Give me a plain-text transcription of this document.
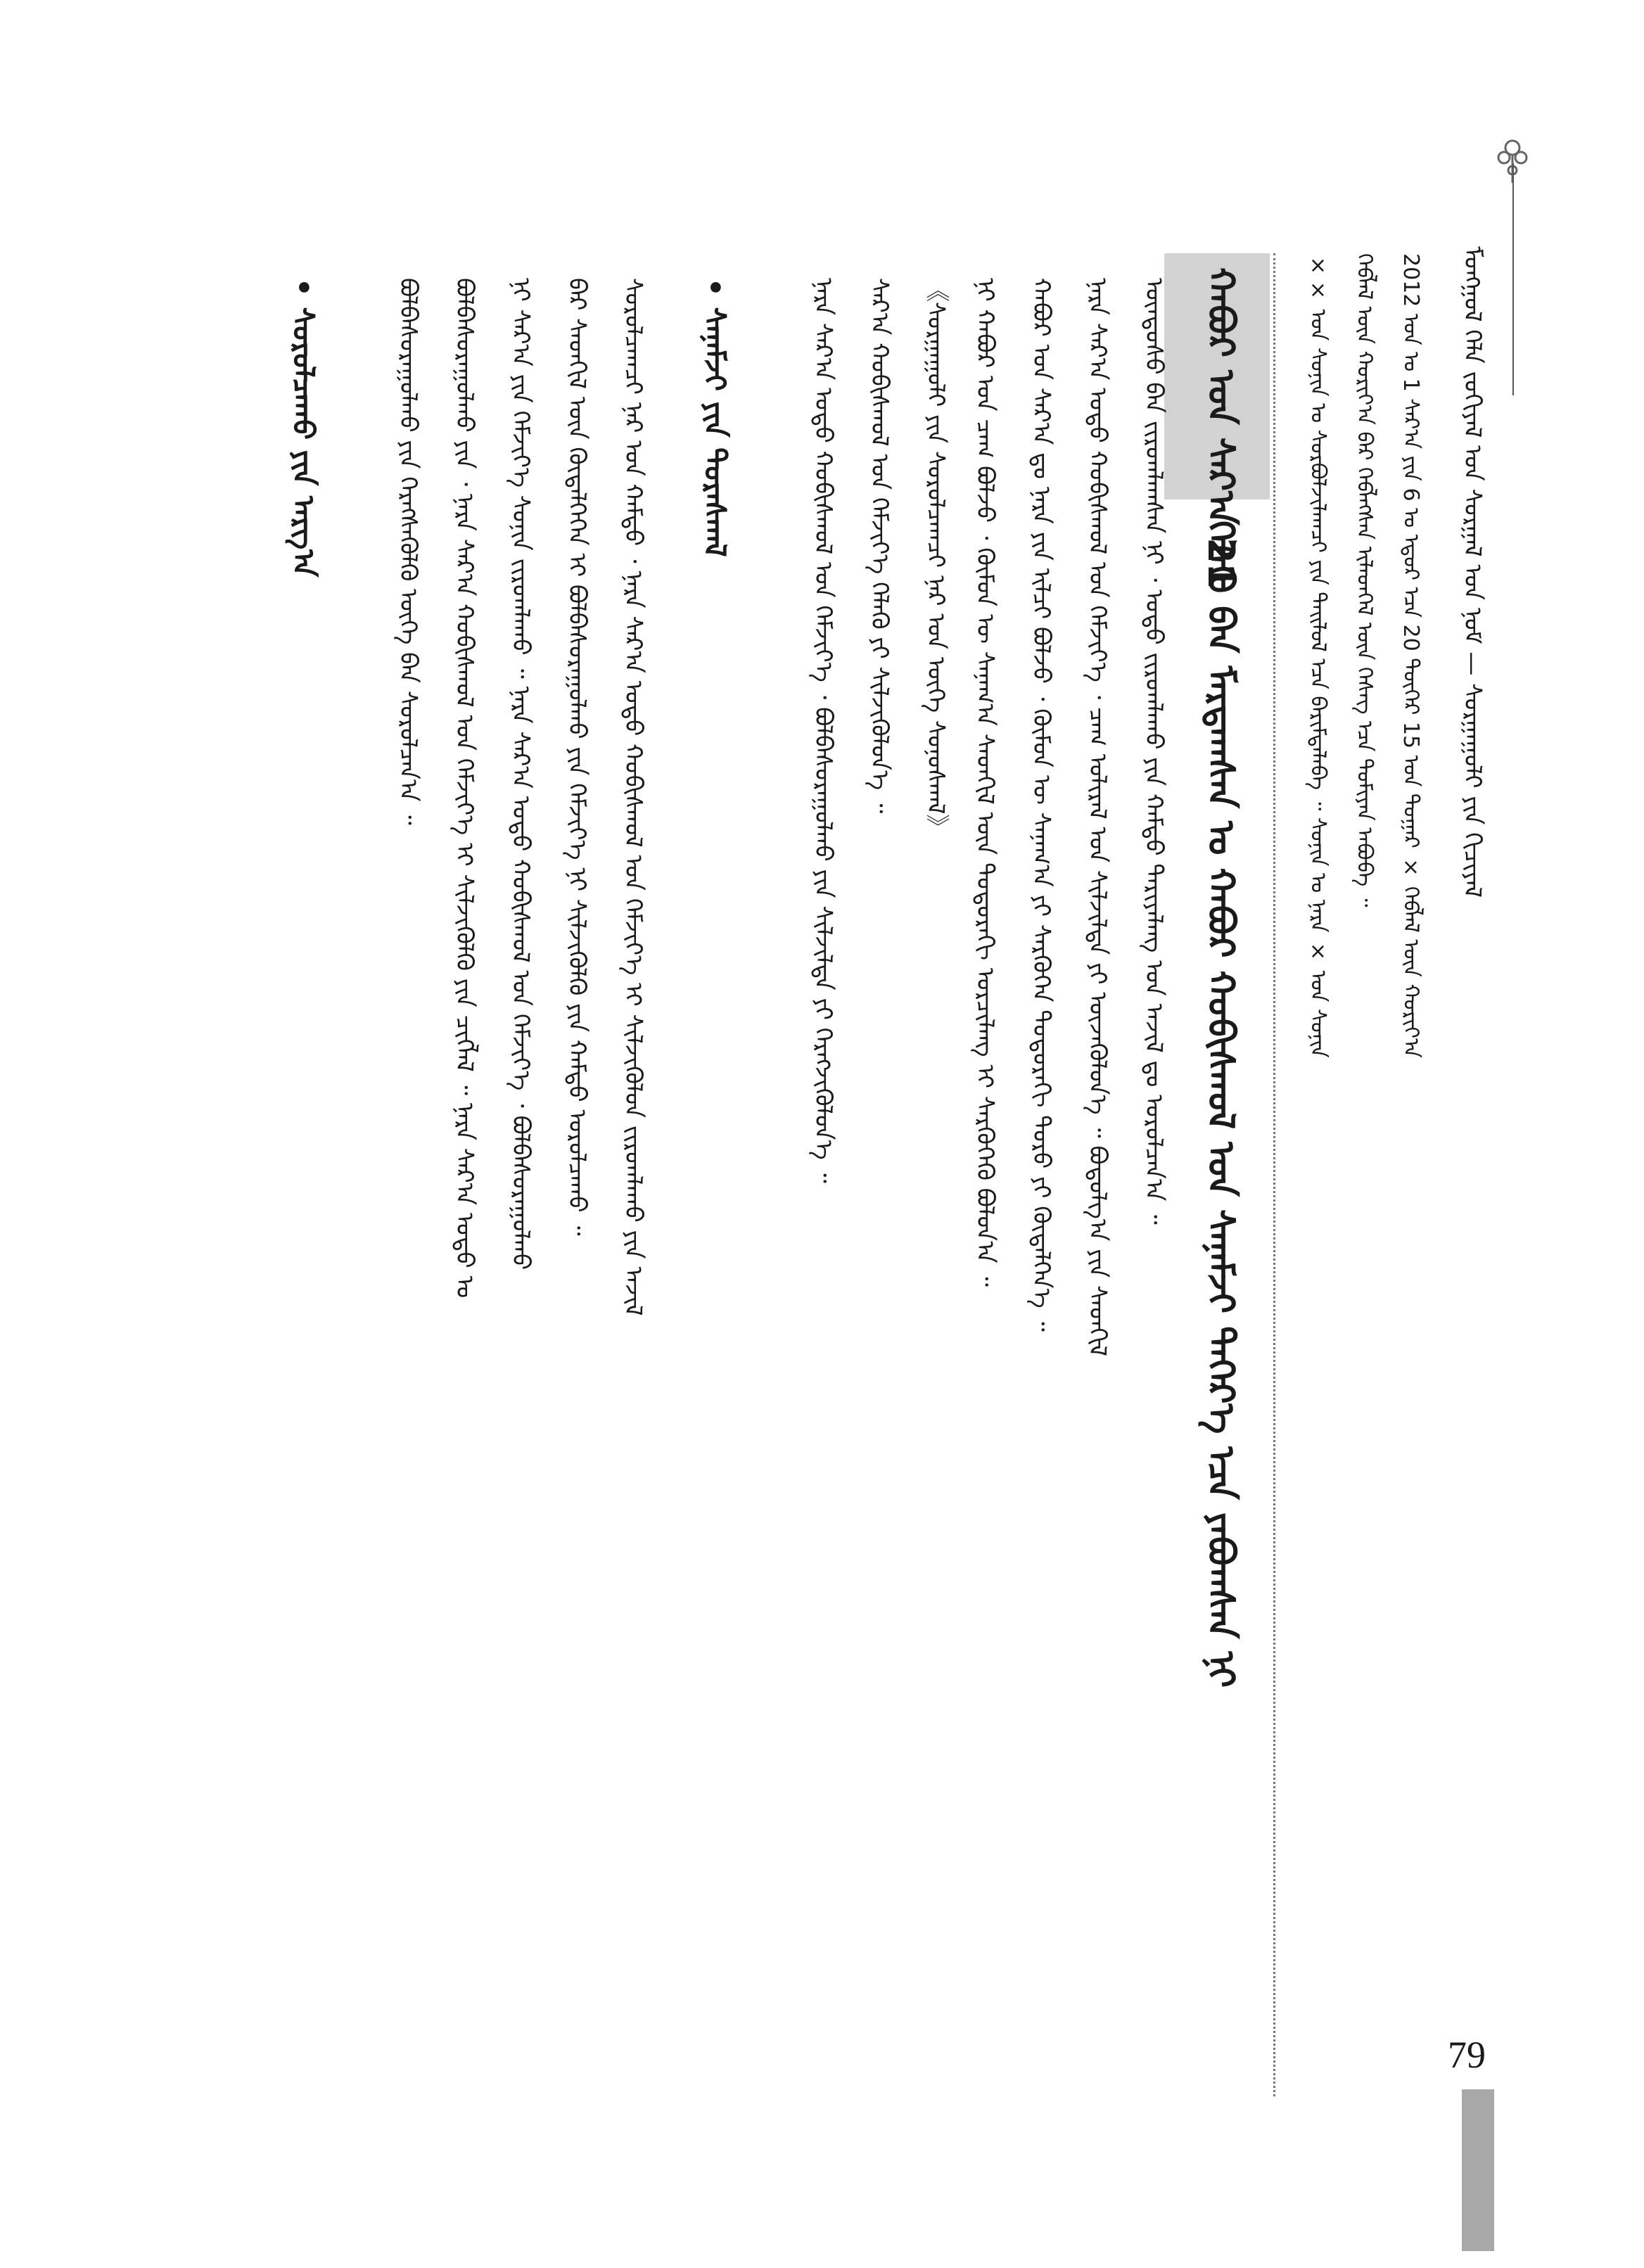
ᠮᠣᠩᠭᠣᠯ ᠬᠡᠯᠡ ᠵᠣᠬᠢᠶᠠᠯ ᠤᠨ ᠰᠤᠷᠭᠠᠯ ᠤᠨ ᠨᠤᠮ — ᠰᠤᠷᠭᠠᠭᠤᠯᠢ ᠶᠢᠨ ᠬᠢᠴᠢᠶᠡᠯ
79
×× ᠤᠨ ᠰᠣᠨᠢᠨ ᠤ ᠰᠤᠷᠪᠤᠯᠵᠢᠯᠠᠭᠴᠢ ᠶᠢᠨ ᠲᠠᠢᠯᠤᠯ ᠡᠴᠡ ᠪᠠᠷᠢᠮᠲᠠᠯᠠᠪᠠ ᠃ ᠰᠣᠨᠢᠨ ᠤ ᠨᠡᠷᠡ × ᠤᠨ ᠰᠣᠨᠢᠨ	ᠬᠡᠪᠯᠡᠯ ᠦᠨ ᠬᠣᠷᠢᠶ᠎ᠠ ᠪᠠᠷ ᠬᠡᠪᠯᠡᠭᠰᠡᠨ ᠢᠯᠡᠳᠬᠡᠯ ᠦᠨ ᠬᠡᠰᠡᠭ ᠡᠴᠡ ᠲᠣᠮᠢᠶᠠᠨ ᠠᠪᠤᠪᠠ ᠃	2012 ᠣᠨ ᠤ 1 ᠰᠠᠷ᠎ᠠ ᠶᠢᠨ 6 ᠤ ᠡᠳᠦᠷ ᠡᠴᠡ 20 ᠳᠦᠭᠡᠷ 15 ᠤᠨ ᠳᠤᠭᠠᠷ × ᠬᠡᠪᠯᠡᠯ ᠦᠨ ᠬᠣᠷᠢᠶ᠎ᠠ
ᠬᠠᠪᠤᠷ ᠤᠨ ᠰᠠᠷ᠎ᠠ 21
ᠬᠡᠯᠡᠬᠦ ᠪᠡᠨ ᠮᠠᠷᠲᠠᠭᠰᠠᠨ ᠤ ᠬᠠᠪᠤᠷ ᠬᠤᠪᠢᠰᠬᠤᠯ ᠤᠨ ᠰᠠᠨᠠᠮᠵᠢ ᠳᠡᠭᠡᠷ᠎ᠡ ᠡᠴᠡ ᠶᠠᠪᠤᠭᠰᠠᠨ ᠨᠢ
ᠨᠢ ᠬᠠᠪᠤᠷ ᠤᠨ ᠴᠠᠭ ᠪᠣᠯᠵᠤ ᠂ ᠬᠦᠮᠦᠨ ᠦ ᠰᠠᠨᠠᠭ᠎ᠠ ᠰᠡᠳᠬᠢᠯ ᠦᠨ ᠳᠣᠲᠣᠷᠠᠬᠢ ᠣᠷᠴᠢᠯᠠᠩ ᠢ ᠰᠡᠷᠭᠦᠭᠡᠬᠦ ᠪᠣᠯᠤᠨ᠎ᠠ ᠃	ᠬᠠᠪᠤᠷ ᠤᠨ ᠰᠠᠷ᠎ᠠ ᠳᠤ ᠨᠠᠷᠠ ᠶᠢᠨ ᠢᠯᠴᠢ ᠪᠣᠯᠵᠤ ᠂ ᠬᠦᠮᠦᠨ ᠦ ᠰᠠᠨᠠᠭ᠎ᠠ ᠶᠢ ᠰᠡᠷᠭᠦᠭᠡᠨ ᠳᠣᠲᠣᠷᠠᠬᠢ ᠳᠣᠷᠤ ᠶᠢ ᠬᠥᠳᠡᠯᠭᠡᠨ᠎ᠡ ᠃	ᠨᠠᠷᠠ ᠰᠠᠷ᠎ᠠ ᠣᠳᠣ ᠬᠤᠪᠢᠰᠬᠤᠯ ᠤᠨ ᠬᠡᠮᠵᠢᠶ᠎ᠡ ᠂ ᠴᠠᠭ ᠤᠯᠢᠷᠠᠯ ᠤᠨ ᠰᠢᠯᠵᠢᠯᠲᠡ ᠶᠢ ᠦᠵᠡᠭᠦᠯᠦᠨ᠎ᠡ ᠃ ᠪᠣᠳᠤᠯᠭ᠎ᠠ ᠶᠢᠨ ᠰᠡᠳᠬᠢᠯ	ᠦᠨᠳᠦᠰᠦ ᠪᠡᠨ ᠵᠢᠷᠤᠭᠯᠠᠭᠰᠠᠨ ᠨᠢ ᠂ ᠣᠳᠣ ᠵᠢᠷᠤᠭᠯᠠᠬᠤ ᠶᠢᠨ ᠬᠠᠮᠲᠤ ᠲᠠᠷᠢᠶᠠᠯᠠᠩ ᠤᠨ ᠠᠵᠢᠯ ᠳᠤ ᠣᠷᠣᠯᠴᠠᠨ᠎ᠠ ᠃
ᠨᠠᠷᠠ ᠰᠠᠷ᠎ᠠ ᠣᠳᠣ ᠬᠤᠪᠢᠰᠬᠤᠯ ᠤᠨ ᠬᠡᠮᠵᠢᠶ᠎ᠡ ᠂ ᠪᠣᠯᠪᠠᠰᠤᠷᠠᠭᠤᠯᠬᠤ ᠶᠢᠨ ᠰᠢᠯᠵᠢᠯᠲᠡ ᠶᠢ ᠬᠡᠷᠡᠭᠵᠢᠭᠦᠯᠦᠨ᠎ᠡ ᠃	ᠰᠠᠷ᠎ᠠ ᠬᠤᠪᠢᠰᠬᠤᠯ ᠤᠨ ᠬᠡᠮᠵᠢᠶ᠎ᠡ ᠬᠡᠯᠡᠬᠦ ᠶᠢ ᠰᠢᠯᠵᠢᠭᠦᠯᠦᠨ᠎ᠡ ᠃	《ᠰᠤᠷᠭᠠᠭᠤᠯᠢ ᠶᠢᠨ ᠰᠤᠷᠤᠯᠴᠠᠭᠴᠢ ᠨᠠᠷ ᠤᠨ ᠦᠭᠡ ᠰᠣᠨᠤᠰᠬᠠᠯ》
• ᠰᠠᠨᠠᠮᠵᠢ ᠶᠢᠨ ᠳᠤᠷᠠᠰᠬᠠᠯ
ᠪᠣᠯᠪᠠᠰᠤᠷᠠᠭᠤᠯᠬᠤ ᠶᠢᠨ ᠬᠡᠷᠡᠭᠰᠡᠭᠦᠯᠬᠦ ᠦᠭᠡ ᠪᠡᠨ ᠰᠤᠷᠤᠯᠴᠠᠨ᠎ᠠ ᠃	ᠪᠣᠯᠪᠠᠰᠤᠷᠠᠭᠤᠯᠬᠤ ᠶᠢᠨ ᠂ ᠨᠠᠷᠠ ᠰᠠᠷ᠎ᠠ ᠬᠤᠪᠢᠰᠬᠤᠯ ᠤᠨ ᠬᠡᠮᠵᠢᠶ᠎ᠡ ᠢ ᠰᠢᠯᠵᠢᠭᠦᠯᠬᠦ ᠶᠢᠨ ᠴᠢᠭᠯᠡᠯ ᠃ ᠨᠠᠷᠠ ᠰᠠᠷ᠎ᠠ ᠣᠳᠣ ᠤ	ᠨᠢ ᠰᠠᠷ᠎ᠠ ᠶᠢᠨ ᠬᠡᠮᠵᠢᠶ᠎ᠡ ᠰᠣᠨᠢᠨ ᠵᠢᠷᠤᠭᠯᠠᠬᠤ ᠃ ᠨᠠᠷᠠ ᠰᠠᠷ᠎ᠠ ᠣᠳᠣ ᠬᠤᠪᠢᠰᠬᠤᠯ ᠤᠨ ᠬᠡᠮᠵᠢᠶ᠎ᠡ ᠂ ᠪᠣᠯᠪᠠᠰᠤᠷᠠᠭᠤᠯᠬᠤ	ᠪᠠᠷ ᠰᠡᠳᠬᠢᠯ ᠦᠨ ᠬᠥᠳᠡᠯᠭᠡᠭᠡᠨ ᠢ ᠪᠣᠯᠪᠠᠰᠤᠷᠠᠭᠤᠯᠬᠤ ᠶᠢᠨ ᠬᠡᠮᠵᠢᠶ᠎ᠡ ᠨᠢ ᠰᠢᠯᠵᠢᠭᠦᠯᠬᠦ ᠶᠢᠨ ᠬᠠᠮᠲᠤ ᠣᠷᠣᠯᠴᠠᠬᠤ ᠃	ᠰᠤᠷᠤᠯᠴᠠᠭᠴᠢ ᠨᠠᠷ ᠤᠨ ᠬᠠᠮᠲᠤ ᠂ ᠨᠠᠷᠠ ᠰᠠᠷ᠎ᠠ ᠣᠳᠣ ᠬᠤᠪᠢᠰᠬᠤᠯ ᠤᠨ ᠬᠡᠮᠵᠢᠶ᠎ᠡ ᠢ ᠰᠢᠯᠵᠢᠭᠦᠯᠦᠨ ᠵᠢᠷᠤᠭᠯᠠᠬᠤ ᠶᠢᠨ ᠠᠵᠢᠯ
• ᠰᠤᠷᠤᠯᠴᠠᠬᠤ ᠶᠢᠨ ᠠᠷᠭ᠎ᠠ
